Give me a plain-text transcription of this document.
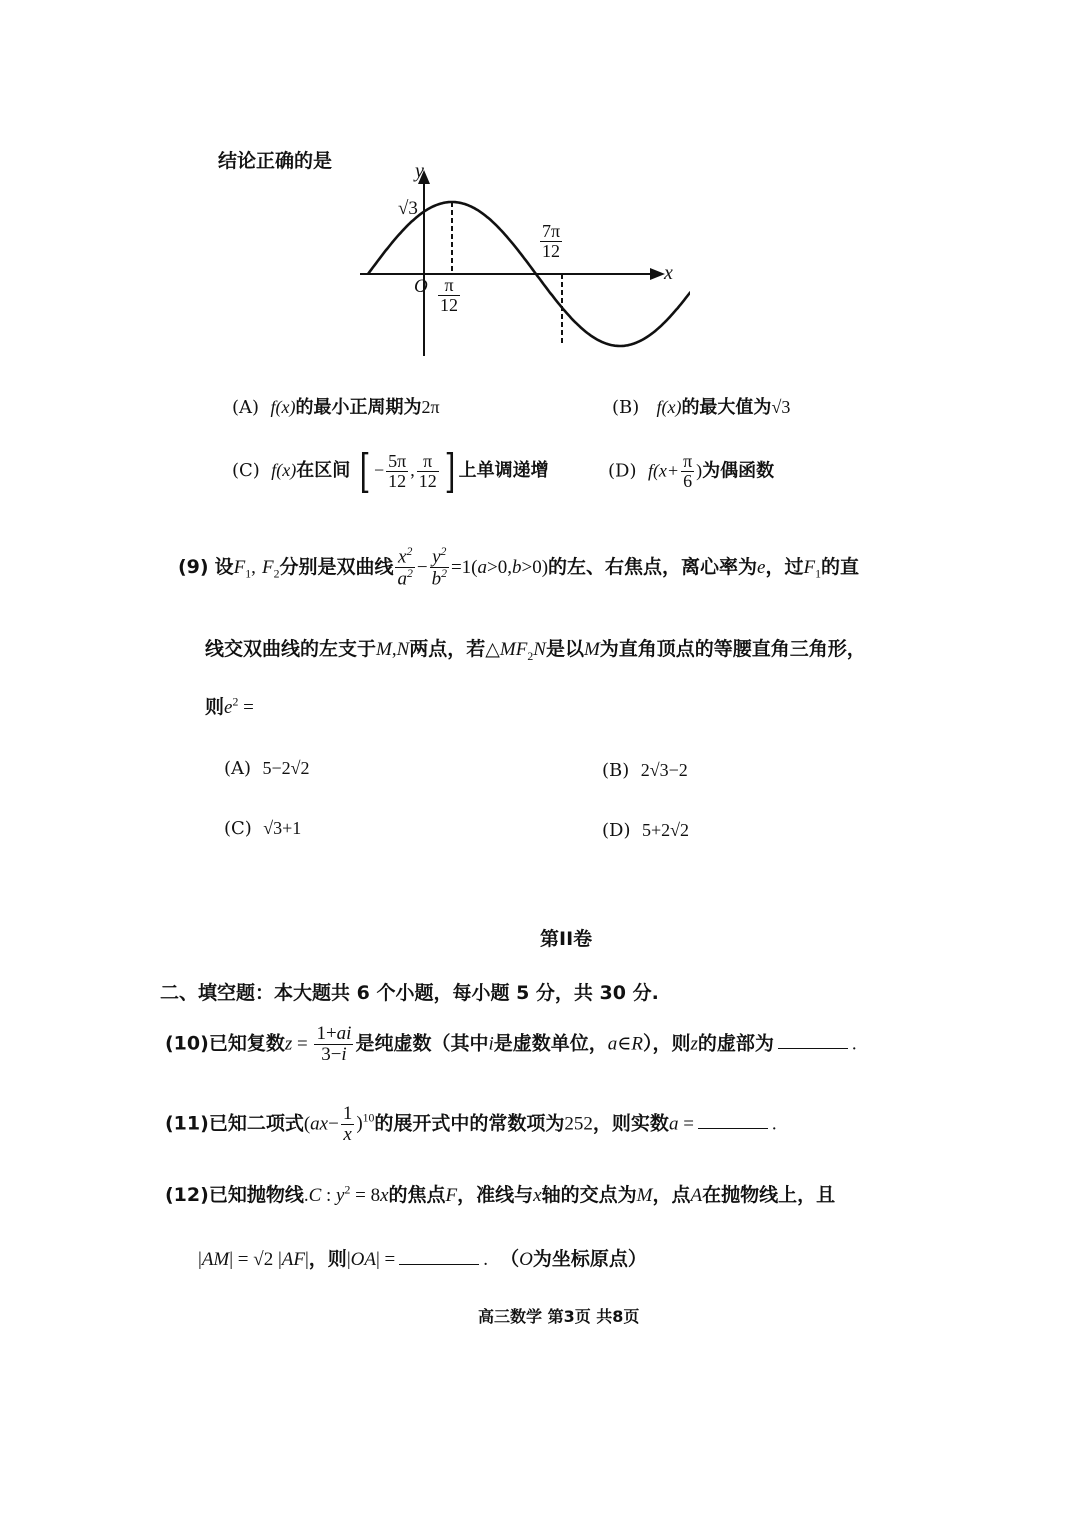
结论正确的是	y
x
O
√3
$\frac{\pi}{12}$
$\frac{7\pi}{12}$
(A) f(x)的最小正周期为2π	(B) f(x)的最大值为√3
(C) f(x)在区间 [ − $\frac{5\pi}{12}$ , $\frac{\pi}{12}$ ] 上单调递增	(D) $f(x+ \frac{\pi}{6}$ )为偶函数
(9) 设$F_1$, $F_2$分别是双曲线 $\frac{x^2}{a^2} - \frac{y^2}{b^2} =1(a>0,b>0)$的左、右焦点，离心率为e，过$F_1$的直
线交双曲线的左支于M,N两点，若$\triangle MF_2N$是以M为直角顶点的等腰直角三角形，
则$e^2$ =
(A) 5−2√2	(B) 2√3−2
(C) √3+1	(D) 5+2√2
第II卷
二、填空题：本大题共 6 个小题，每小题 5 分，共 30 分.
(10)已知复数$z = \frac{1+ai}{3-i}$ 是纯虚数（其中i是虚数单位，a∈R），则z的虚部为	.
(11)已知二项式$(ax- \frac{1}{x} )^{10}$的展开式中的常数项为252，则实数a =	.
(12)已知抛物线.C : $y^2 = 8x$的焦点F，准线与x轴的交点为M，点A在抛物线上，且
|AM| = √2 |AF|，则|OA| =	. （O为坐标原点）
高三数学 第3页 共8页
